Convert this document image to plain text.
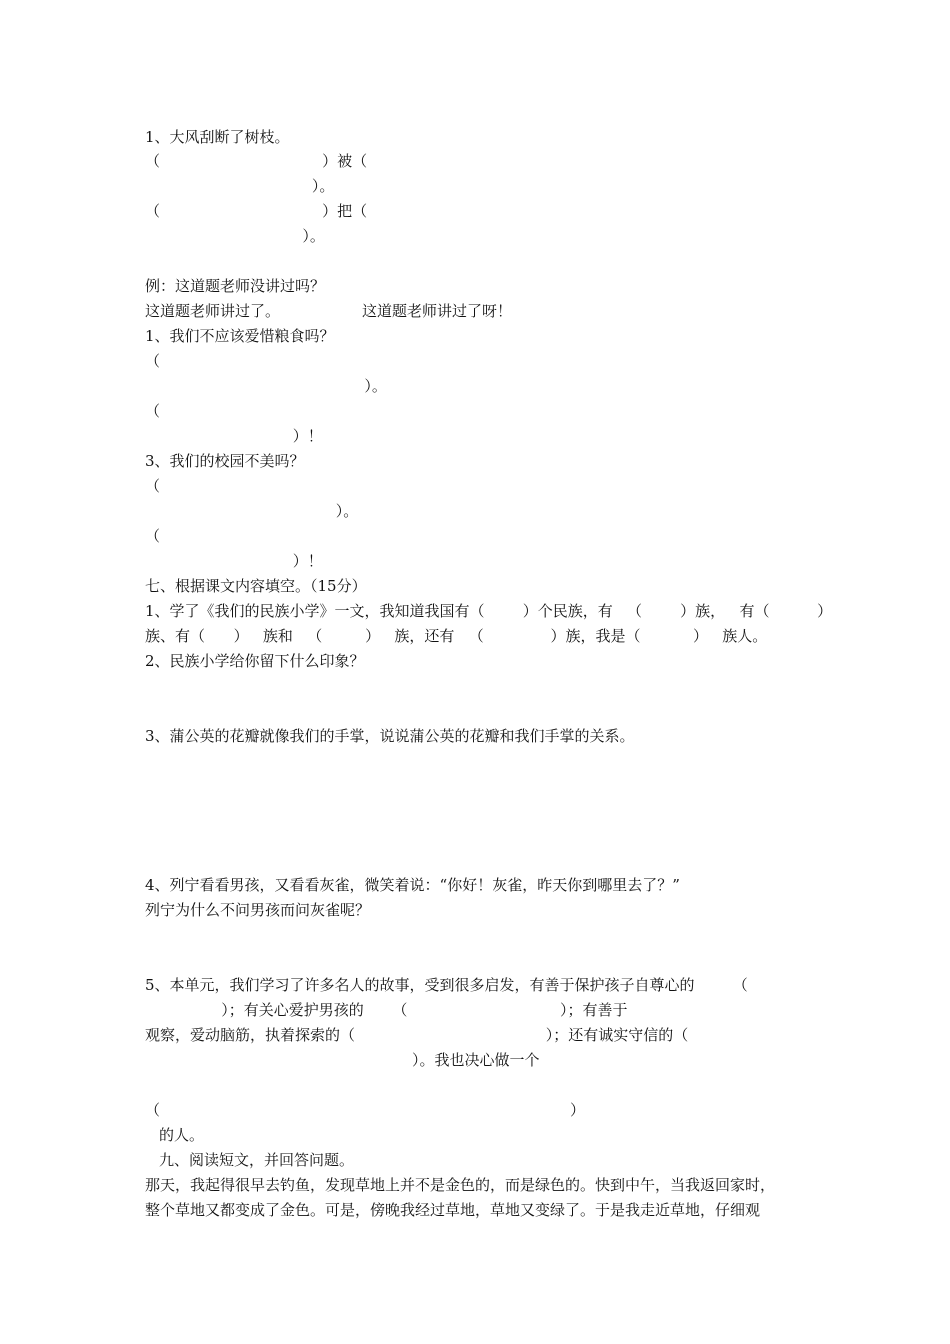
1、大风刮断了树枝。
（                                  ）被（
）。
（                                  ）把（
）。
例：这道题老师没讲过吗？
这道题老师讲过了。	这道题老师讲过了呀！
1、我们不应该爱惜粮食吗？
（
）。
（
）！
3、我们的校园不美吗？
（
）。
（
）！
七、根据课文内容填空。（15分）
1、学了《我们的民族小学》一文，我知道我国有（        ）个民族，有   （        ）族，   有（          ）
族、有（      ）   族和   （         ）   族，还有   （              ）族，我是（           ）   族人。
2、民族小学给你留下什么印象？
3、蒲公英的花瓣就像我们的手掌，说说蒲公英的花瓣和我们手掌的关系。
4、列宁看看男孩，又看看灰雀，微笑着说：“你好！灰雀，昨天你到哪里去了？”
列宁为什么不问男孩而问灰雀呢？
5、本单元，我们学习了许多名人的故事，受到很多启发，有善于保护孩子自尊心的        （
）；有关心爱护男孩的      （                                ）；有善于
观察，爱动脑筋，执着探索的（                                        ）；还有诚实守信的（
）。我也决心做一个
（                                                                                      ）
的人。
九、阅读短文，并回答问题。
那天，我起得很早去钓鱼，发现草地上并不是金色的，而是绿色的。快到中午，当我返回家时，
整个草地又都变成了金色。可是，傍晚我经过草地，草地又变绿了。于是我走近草地，仔细观
